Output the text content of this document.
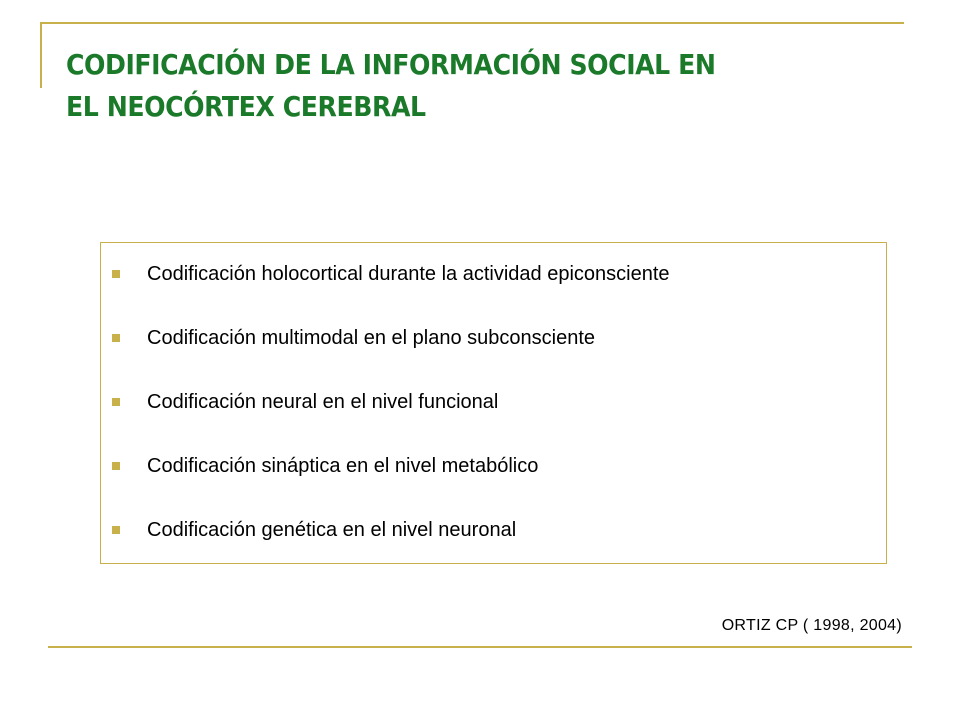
CODIFICACIÓN DE LA INFORMACIÓN SOCIAL EN
EL NEOCÓRTEX CEREBRAL
Codificación holocortical durante la actividad epiconsciente
Codificación multimodal en el plano subconsciente
Codificación neural en el nivel funcional
Codificación sináptica en el nivel metabólico
Codificación genética en el nivel neuronal
ORTIZ CP ( 1998, 2004)
